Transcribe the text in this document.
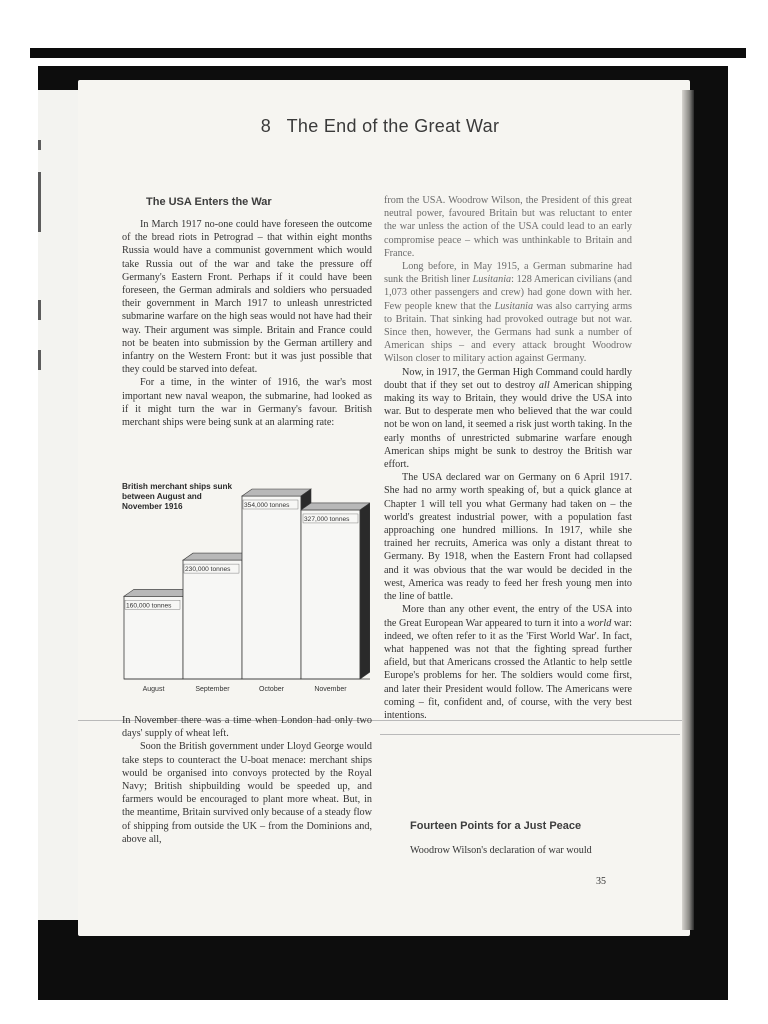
8 The End of the Great War
The USA Enters the War

In March 1917 no-one could have foreseen the outcome of the bread riots in Petrograd – that within eight months Russia would have a communist government which would take Russia out of the war and take the pressure off Germany's Eastern Front. Perhaps if it could have been foreseen, the German admirals and soldiers who persuaded their government in March 1917 to unleash unrestricted submarine warfare on the high seas would not have had their way. Their argument was simple. Britain and France could not be beaten into submission by the German artillery and infantry on the Western Front: but it was just possible that they could be starved into defeat.

For a time, in the winter of 1916, the war's most important new naval weapon, the submarine, had looked as if it might turn the war in Germany's favour. British merchant ships were being sunk at an alarming rate:

British merchant ships sunk between August and November 1916
160,000 tonnes
August
230,000 tonnes
September
354,000 tonnes
October
327,000 tonnes
November

In November there was a time when London had only two days' supply of wheat left.

Soon the British government under Lloyd George would take steps to counteract the U-boat menace: merchant ships would be organised into convoys protected by the Royal Navy; British shipbuilding would be speeded up, and farmers would be encouraged to plant more wheat. But, in the meantime, Britain survived only because of a steady flow of shipping from outside the UK – from the Dominions and, above all,

from the USA. Woodrow Wilson, the President of this great neutral power, favoured Britain but was reluctant to enter the war unless the action of the USA could lead to an early compromise peace – which was unthinkable to Britain and France.

Long before, in May 1915, a German submarine had sunk the British liner Lusitania: 128 American civilians (and 1,073 other passengers and crew) had gone down with her. Few people knew that the Lusitania was also carrying arms to Britain. That sinking had provoked outrage but not war. Since then, however, the Germans had sunk a number of American ships – and every attack brought Woodrow Wilson closer to military action against Germany.

Now, in 1917, the German High Command could hardly doubt that if they set out to destroy all American shipping making its way to Britain, they would drive the USA into war. But to desperate men who believed that the war could not be won on land, it seemed a risk just worth taking. In the early months of unrestricted submarine warfare enough American ships might be sunk to destroy the British war effort.

The USA declared war on Germany on 6 April 1917. She had no army worth speaking of, but a quick glance at Chapter 1 will tell you what Germany had taken on – the world's greatest industrial power, with a population fast approaching one hundred millions. In 1917, while she trained her recruits, America was only a distant threat to Germany. By 1918, when the Eastern Front had collapsed and it was obvious that the war would be decided in the west, America was ready to feed her fresh young men into the line of battle.

More than any other event, the entry of the USA into the Great European War appeared to turn it into a world war: indeed, we often refer to it as the 'First World War'. In fact, what happened was not that the fighting spread further afield, but that Americans crossed the Atlantic to help settle Europe's problems for her. The soldiers would come first, and later their President would follow. The Americans were coming – fit, confident and, of course, with the very best intentions.

Fourteen Points for a Just Peace

Woodrow Wilson's declaration of war would

35
